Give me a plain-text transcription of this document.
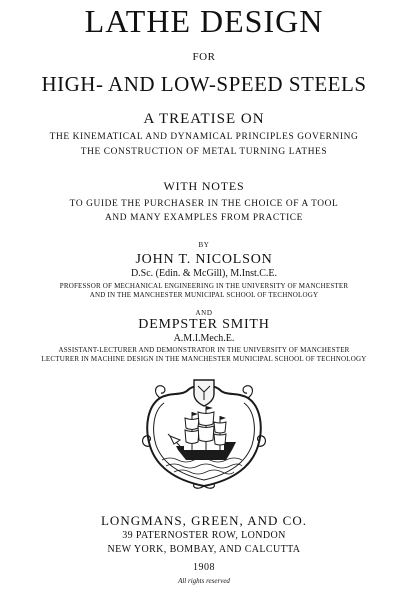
LATHE DESIGN
FOR
HIGH- AND LOW-SPEED STEELS
A TREATISE ON
THE KINEMATICAL AND DYNAMICAL PRINCIPLES GOVERNING
THE CONSTRUCTION OF METAL TURNING LATHES
WITH NOTES
TO GUIDE THE PURCHASER IN THE CHOICE OF A TOOL
AND MANY EXAMPLES FROM PRACTICE
BY
JOHN T. NICOLSON
D.Sc. (Edin. & McGill), M.Inst.C.E.
PROFESSOR OF MECHANICAL ENGINEERING IN THE UNIVERSITY OF MANCHESTER
AND IN THE MANCHESTER MUNICIPAL SCHOOL OF TECHNOLOGY
AND
DEMPSTER SMITH
A.M.I.Mech.E.
ASSISTANT-LECTURER AND DEMONSTRATOR IN THE UNIVERSITY OF MANCHESTER
LECTURER IN MACHINE DESIGN IN THE MANCHESTER MUNICIPAL SCHOOL OF TECHNOLOGY
LONGMANS, GREEN, AND CO.
39 PATERNOSTER ROW, LONDON
NEW YORK, BOMBAY, AND CALCUTTA
1908
All rights reserved
